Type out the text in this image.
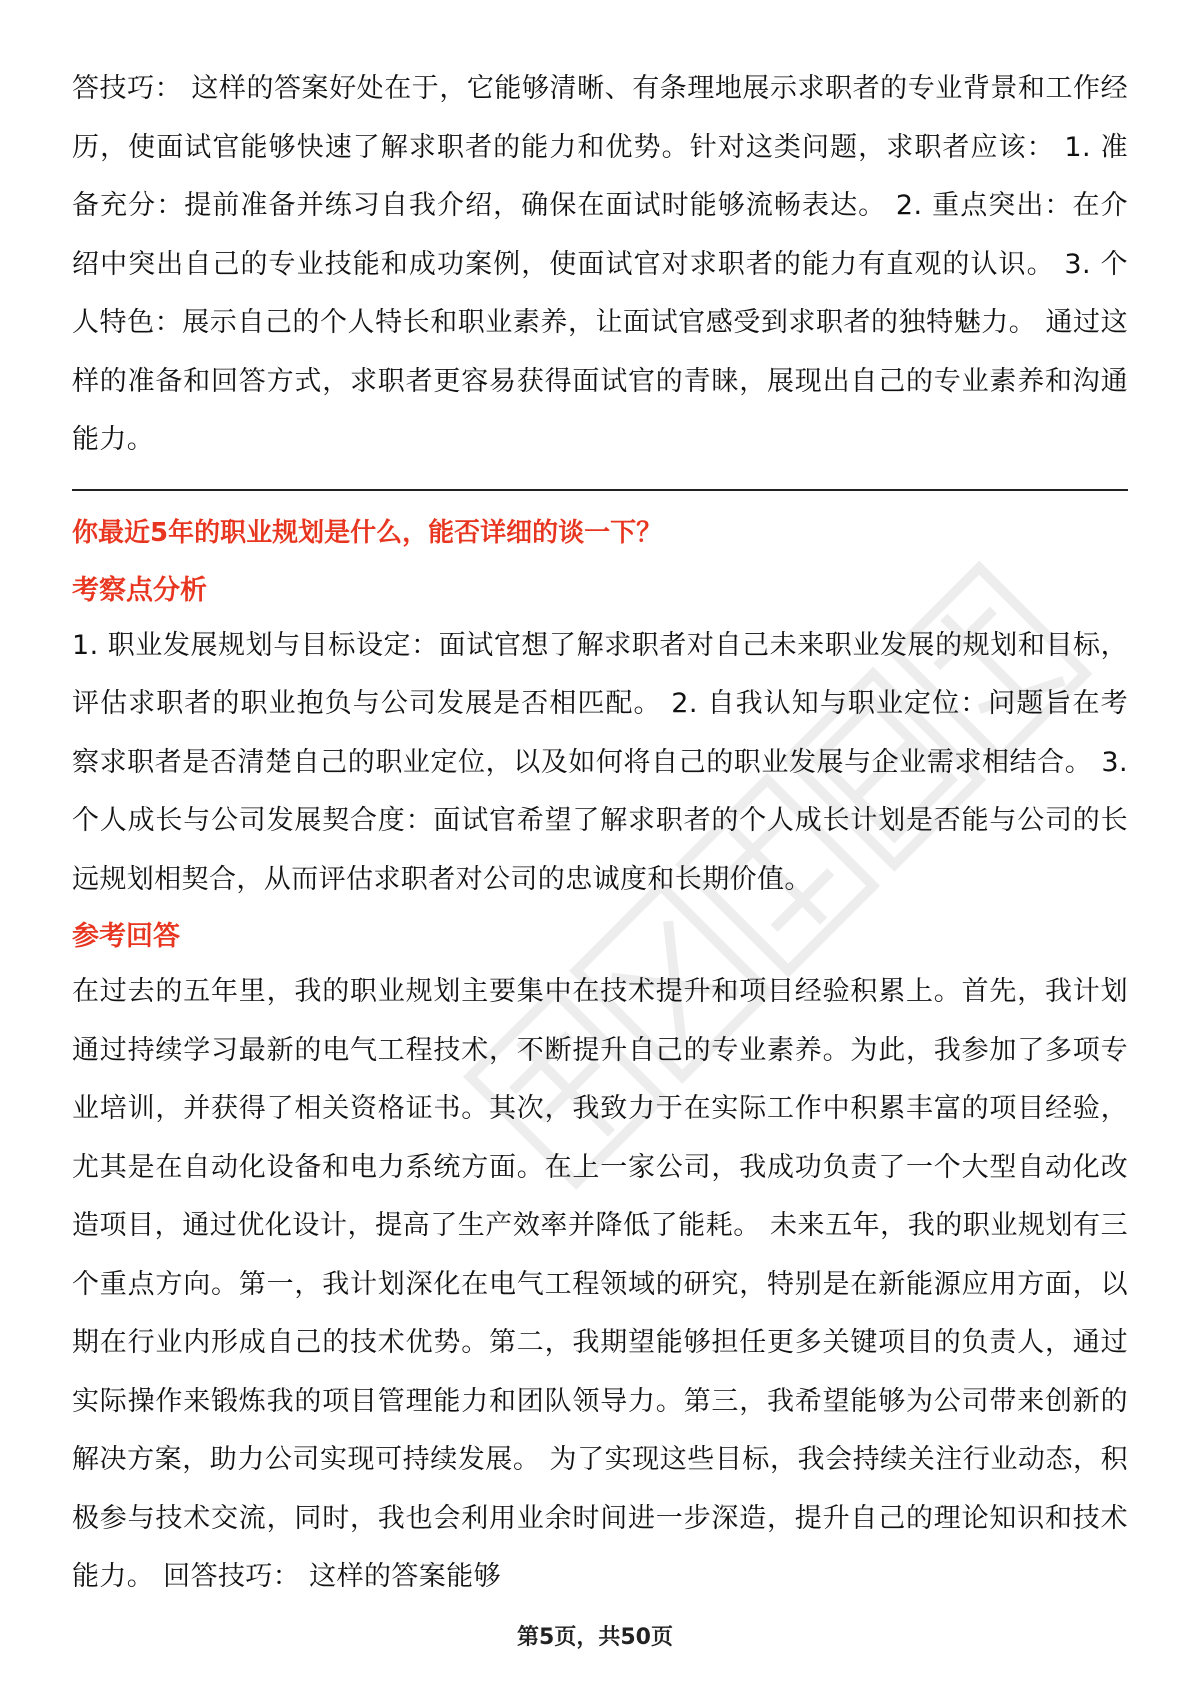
答技巧： 这样的答案好处在于，它能够清晰、有条理地展示求职者的专业背景和工作经历，使面试官能够快速了解求职者的能力和优势。针对这类问题，求职者应该： 1. 准备充分：提前准备并练习自我介绍，确保在面试时能够流畅表达。 2. 重点突出：在介绍中突出自己的专业技能和成功案例，使面试官对求职者的能力有直观的认识。 3. 个人特色：展示自己的个人特长和职业素养，让面试官感受到求职者的独特魅力。 通过这样的准备和回答方式，求职者更容易获得面试官的青睐，展现出自己的专业素养和沟通能力。

你最近5年的职业规划是什么，能否详细的谈一下？
考察点分析

1. 职业发展规划与目标设定：面试官想了解求职者对自己未来职业发展的规划和目标，评估求职者的职业抱负与公司发展是否相匹配。 2. 自我认知与职业定位：问题旨在考察求职者是否清楚自己的职业定位，以及如何将自己的职业发展与企业需求相结合。 3. 个人成长与公司发展契合度：面试官希望了解求职者的个人成长计划是否能与公司的长远规划相契合，从而评估求职者对公司的忠诚度和长期价值。

参考回答

在过去的五年里，我的职业规划主要集中在技术提升和项目经验积累上。首先，我计划通过持续学习最新的电气工程技术，不断提升自己的专业素养。为此，我参加了多项专业培训，并获得了相关资格证书。其次，我致力于在实际工作中积累丰富的项目经验，尤其是在自动化设备和电力系统方面。在上一家公司，我成功负责了一个大型自动化改造项目，通过优化设计，提高了生产效率并降低了能耗。 未来五年，我的职业规划有三个重点方向。第一，我计划深化在电气工程领域的研究，特别是在新能源应用方面，以期在行业内形成自己的技术优势。第二，我期望能够担任更多关键项目的负责人，通过实际操作来锻炼我的项目管理能力和团队领导力。第三，我希望能够为公司带来创新的解决方案，助力公司实现可持续发展。 为了实现这些目标，我会持续关注行业动态，积极参与技术交流，同时，我也会利用业余时间进一步深造，提升自己的理论知识和技术能力。 回答技巧： 这样的答案能够

第5页，共50页
